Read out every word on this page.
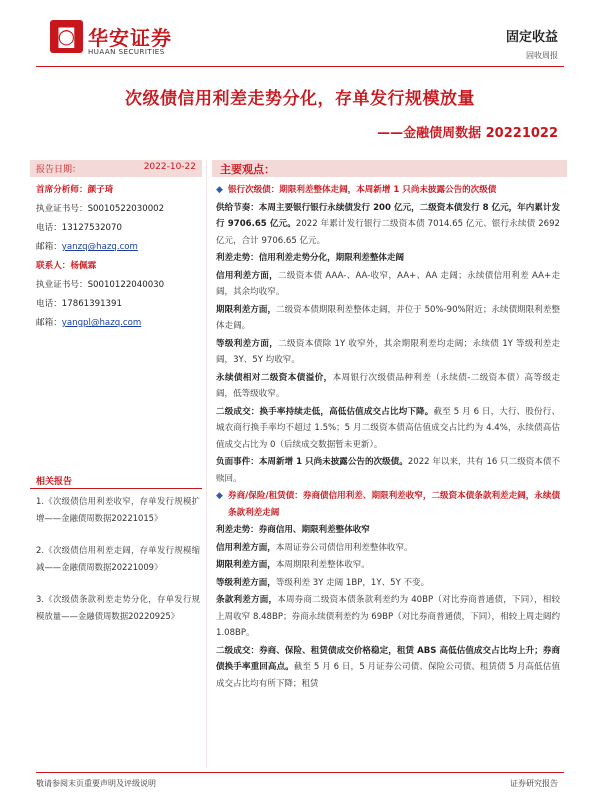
◙ 华安证券
HUAAN SECURITIES
固定收益
固收周报
次级债信用利差走势分化，存单发行规模放量
——金融债周数据 20221022
报告日期：	2022-10-22
首席分析师：颜子琦
执业证书号：S0010522030002
电话：13127532070
邮箱：yanzq@hazq.com
联系人：杨佩霖
执业证书号：S0010122040030
电话：17861391391
邮箱：yangpl@hazq.com
相关报告
1.《次级债信用利差收窄，存单发行规模扩增——金融债周数据20221015》
2.《次级债信用利差走阔，存单发行规模缩减——金融债周数据20221009》
3.《次级债条款利差走势分化，存单发行规模放量——金融债周数据20220925》
主要观点：

◆ 银行次级债：期限利差整体走阔，本周新增 1 只尚未披露公告的次级债

供给节奏：本周主要银行银行永续债发行 200 亿元，二级资本债发行 8 亿元，年内累计发行 9706.65 亿元。2022 年累计发行银行二级资本债 7014.65 亿元、银行永续债 2692 亿元，合计 9706.65 亿元。

利差走势：信用利差走势分化，期限利差整体走阔

信用利差方面，二级资本债 AAA-、AA-收窄，AA+、AA 走阔；永续债信用利差 AA+走阔，其余均收窄。

期限利差方面，二级资本债期限利差整体走阔，并位于 50%-90%附近；永续债期限利差整体走阔。

等级利差方面，二级资本债除 1Y 收窄外，其余期限利差均走阔；永续债 1Y 等级利差走阔，3Y、5Y 均收窄。

永续债相对二级资本债溢价，本周银行次级债品种利差（永续债-二级资本债）高等级走阔，低等级收窄。

二级成交：换手率持续走低，高低估值成交占比均下降。截至 5 月 6 日，大行、股份行、城农商行换手率均不超过 1.5%；5 月二级资本债高估值成交占比约为 4.4%，永续债高估值成交占比为 0（后续成交数据暂未更新）。

负面事件：本周新增 1 只尚未披露公告的次级债。2022 年以来，共有 16 只二级资本债不赎回。

◆ 券商/保险/租赁债：券商债信用利差、期限利差收窄，二级资本债条款利差走阔，永续债条款利差走阔

利差走势：券商信用、期限利差整体收窄

信用利差方面，本周证券公司债信用利差整体收窄。

期限利差方面，本周期限利差整体收窄。

等级利差方面，等级利差 3Y 走阔 1BP，1Y、5Y 不变。

条款利差方面，本周券商二级资本债条款利差约为 40BP（对比券商普通债，下同），相较上周收窄 8.48BP；券商永续债利差约为 69BP（对比券商普通债，下同），相较上周走阔约 1.08BP。

二级成交：券商、保险、租赁债成交价格稳定，租赁 ABS 高低估值成交占比均上升；券商债换手率重回高点。截至 5 月 6 日，5 月证券公司债、保险公司债、租赁债 5 月高低估值成交占比均有所下降；租赁

敬请参阅末页重要声明及评级说明	证券研究报告
